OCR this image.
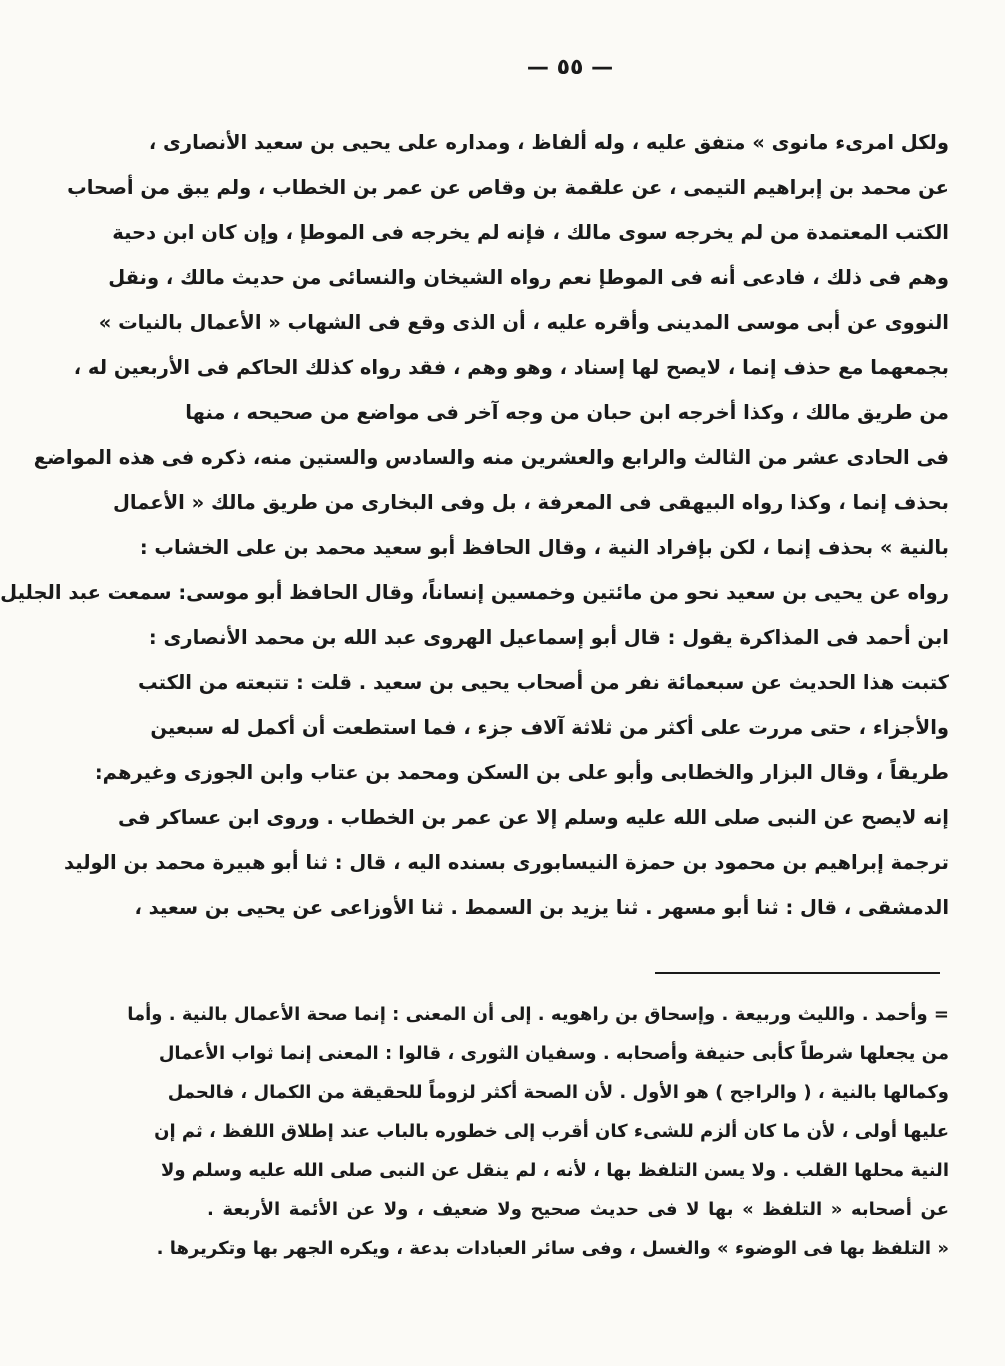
— ٥٥ —
ولكل امرىء مانوى » متفق عليه ، وله ألفاظ ، ومداره على يحيى بن سعيد الأنصارى ،
عن محمد بن إبراهيم التيمى ، عن علقمة بن وقاص عن عمر بن الخطاب ، ولم يبق من أصحاب
الكتب المعتمدة من لم يخرجه سوى مالك ، فإنه لم يخرجه فى الموطإ ، وإن كان ابن دحية
وهم فى ذلك ، فادعى أنه فى الموطإ نعم رواه الشيخان والنسائى من حديث مالك ، ونقل
النووى عن أبى موسى المدينى وأقره عليه ، أن الذى وقع فى الشهاب « الأعمال بالنيات »
بجمعهما مع حذف إنما ، لايصح لها إسناد ، وهو وهم ، فقد رواه كذلك الحاكم فى الأربعين له ،
من طريق مالك ، وكذا أخرجه ابن حبان من وجه آخر فى مواضع من صحيحه ، منها
فى الحادى عشر من الثالث والرابع والعشرين منه والسادس والستين منه، ذكره فى هذه المواضع
بحذف إنما ، وكذا رواه البيهقى فى المعرفة ، بل وفى البخارى من طريق مالك « الأعمال
بالنية » بحذف إنما ، لكن بإفراد النية ، وقال الحافظ أبو سعيد محمد بن على الخشاب :
رواه عن يحيى بن سعيد نحو من مائتين وخمسين إنساناً، وقال الحافظ أبو موسى: سمعت عبد الجليل
ابن أحمد فى المذاكرة يقول : قال أبو إسماعيل الهروى عبد الله بن محمد الأنصارى :
كتبت هذا الحديث عن سبعمائة نفر من أصحاب يحيى بن سعيد . قلت : تتبعته من الكتب
والأجزاء ، حتى مررت على أكثر من ثلاثة آلاف جزء ، فما استطعت أن أكمل له سبعين
طريقاً ، وقال البزار والخطابى وأبو على بن السكن ومحمد بن عتاب وابن الجوزى وغيرهم:
إنه لايصح عن النبى صلى الله عليه وسلم إلا عن عمر بن الخطاب . وروى ابن عساكر فى
ترجمة إبراهيم بن محمود بن حمزة النيسابورى بسنده اليه ، قال : ثنا أبو هبيرة محمد بن الوليد
الدمشقى ، قال : ثنا أبو مسهر . ثنا يزيد بن السمط . ثنا الأوزاعى عن يحيى بن سعيد ،
= وأحمد . والليث وربيعة . وإسحاق بن راهويه . إلى أن المعنى : إنما صحة الأعمال بالنية . وأما
من يجعلها شرطاً كأبى حنيفة وأصحابه . وسفيان الثورى ، قالوا : المعنى إنما ثواب الأعمال
وكمالها بالنية ، ( والراجح ) هو الأول . لأن الصحة أكثر لزوماً للحقيقة من الكمال ، فالحمل
عليها أولى ، لأن ما كان ألزم للشىء كان أقرب إلى خطوره بالباب عند إطلاق اللفظ ، ثم إن
النية محلها القلب . ولا يسن التلفظ بها ، لأنه ، لم ينقل عن النبى صلى الله عليه وسلم ولا
عن أصحابه « التلفظ » بها لا فى حديث صحيح ولا ضعيف ، ولا عن الأئمة الأربعة .
« التلفظ بها فى الوضوء » والغسل ، وفى سائر العبادات بدعة ، ويكره الجهر بها وتكريرها .
